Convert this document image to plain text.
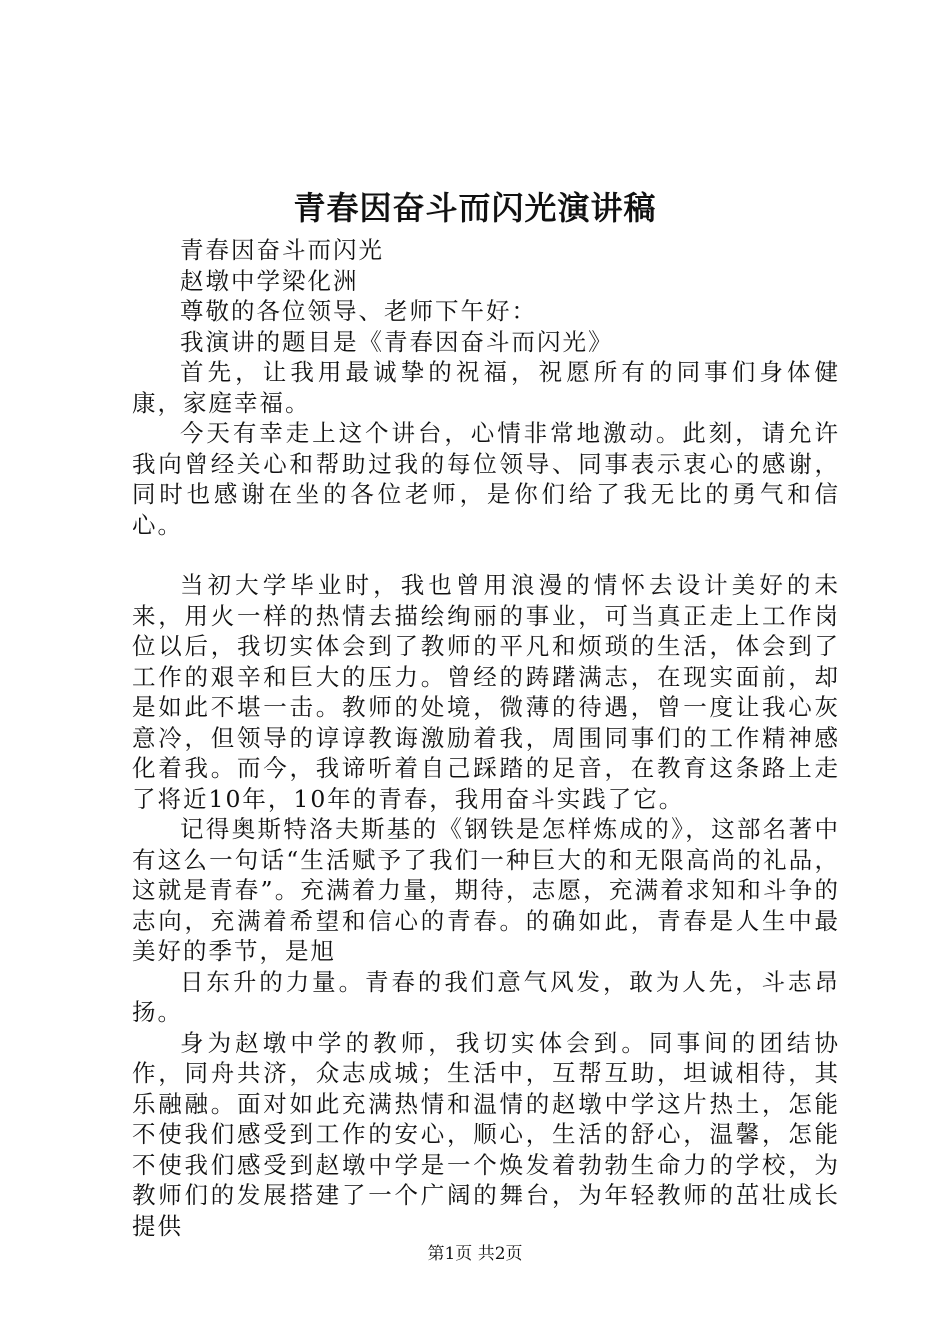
青春因奋斗而闪光演讲稿

青春因奋斗而闪光

赵墩中学梁化洲

尊敬的各位领导、老师下午好：

我演讲的题目是《青春因奋斗而闪光》

首先，让我用最诚挚的祝福，祝愿所有的同事们身体健康，家庭幸福。

今天有幸走上这个讲台，心情非常地激动。此刻，请允许我向曾经关心和帮助过我的每位领导、同事表示衷心的感谢，同时也感谢在坐的各位老师，是你们给了我无比的勇气和信心。

当初大学毕业时，我也曾用浪漫的情怀去设计美好的未来，用火一样的热情去描绘绚丽的事业，可当真正走上工作岗位以后，我切实体会到了教师的平凡和烦琐的生活，体会到了工作的艰辛和巨大的压力。曾经的踌躇满志，在现实面前，却是如此不堪一击。教师的处境，微薄的待遇，曾一度让我心灰意冷，但领导的谆谆教诲激励着我，周围同事们的工作精神感化着我。而今，我谛听着自己踩踏的足音，在教育这条路上走了将近10年，10年的青春，我用奋斗实践了它。

记得奥斯特洛夫斯基的《钢铁是怎样炼成的》，这部名著中有这么一句话“生活赋予了我们一种巨大的和无限高尚的礼品，这就是青春”。充满着力量，期待，志愿，充满着求知和斗争的志向，充满着希望和信心的青春。的确如此，青春是人生中最美好的季节，是旭

日东升的力量。青春的我们意气风发，敢为人先，斗志昂扬。

身为赵墩中学的教师，我切实体会到。同事间的团结协作，同舟共济，众志成城；生活中，互帮互助，坦诚相待，其乐融融。面对如此充满热情和温情的赵墩中学这片热土，怎能不使我们感受到工作的安心，顺心，生活的舒心，温馨，怎能不使我们感受到赵墩中学是一个焕发着勃勃生命力的学校，为教师们的发展搭建了一个广阔的舞台，为年轻教师的茁壮成长提供

第1页 共2页
